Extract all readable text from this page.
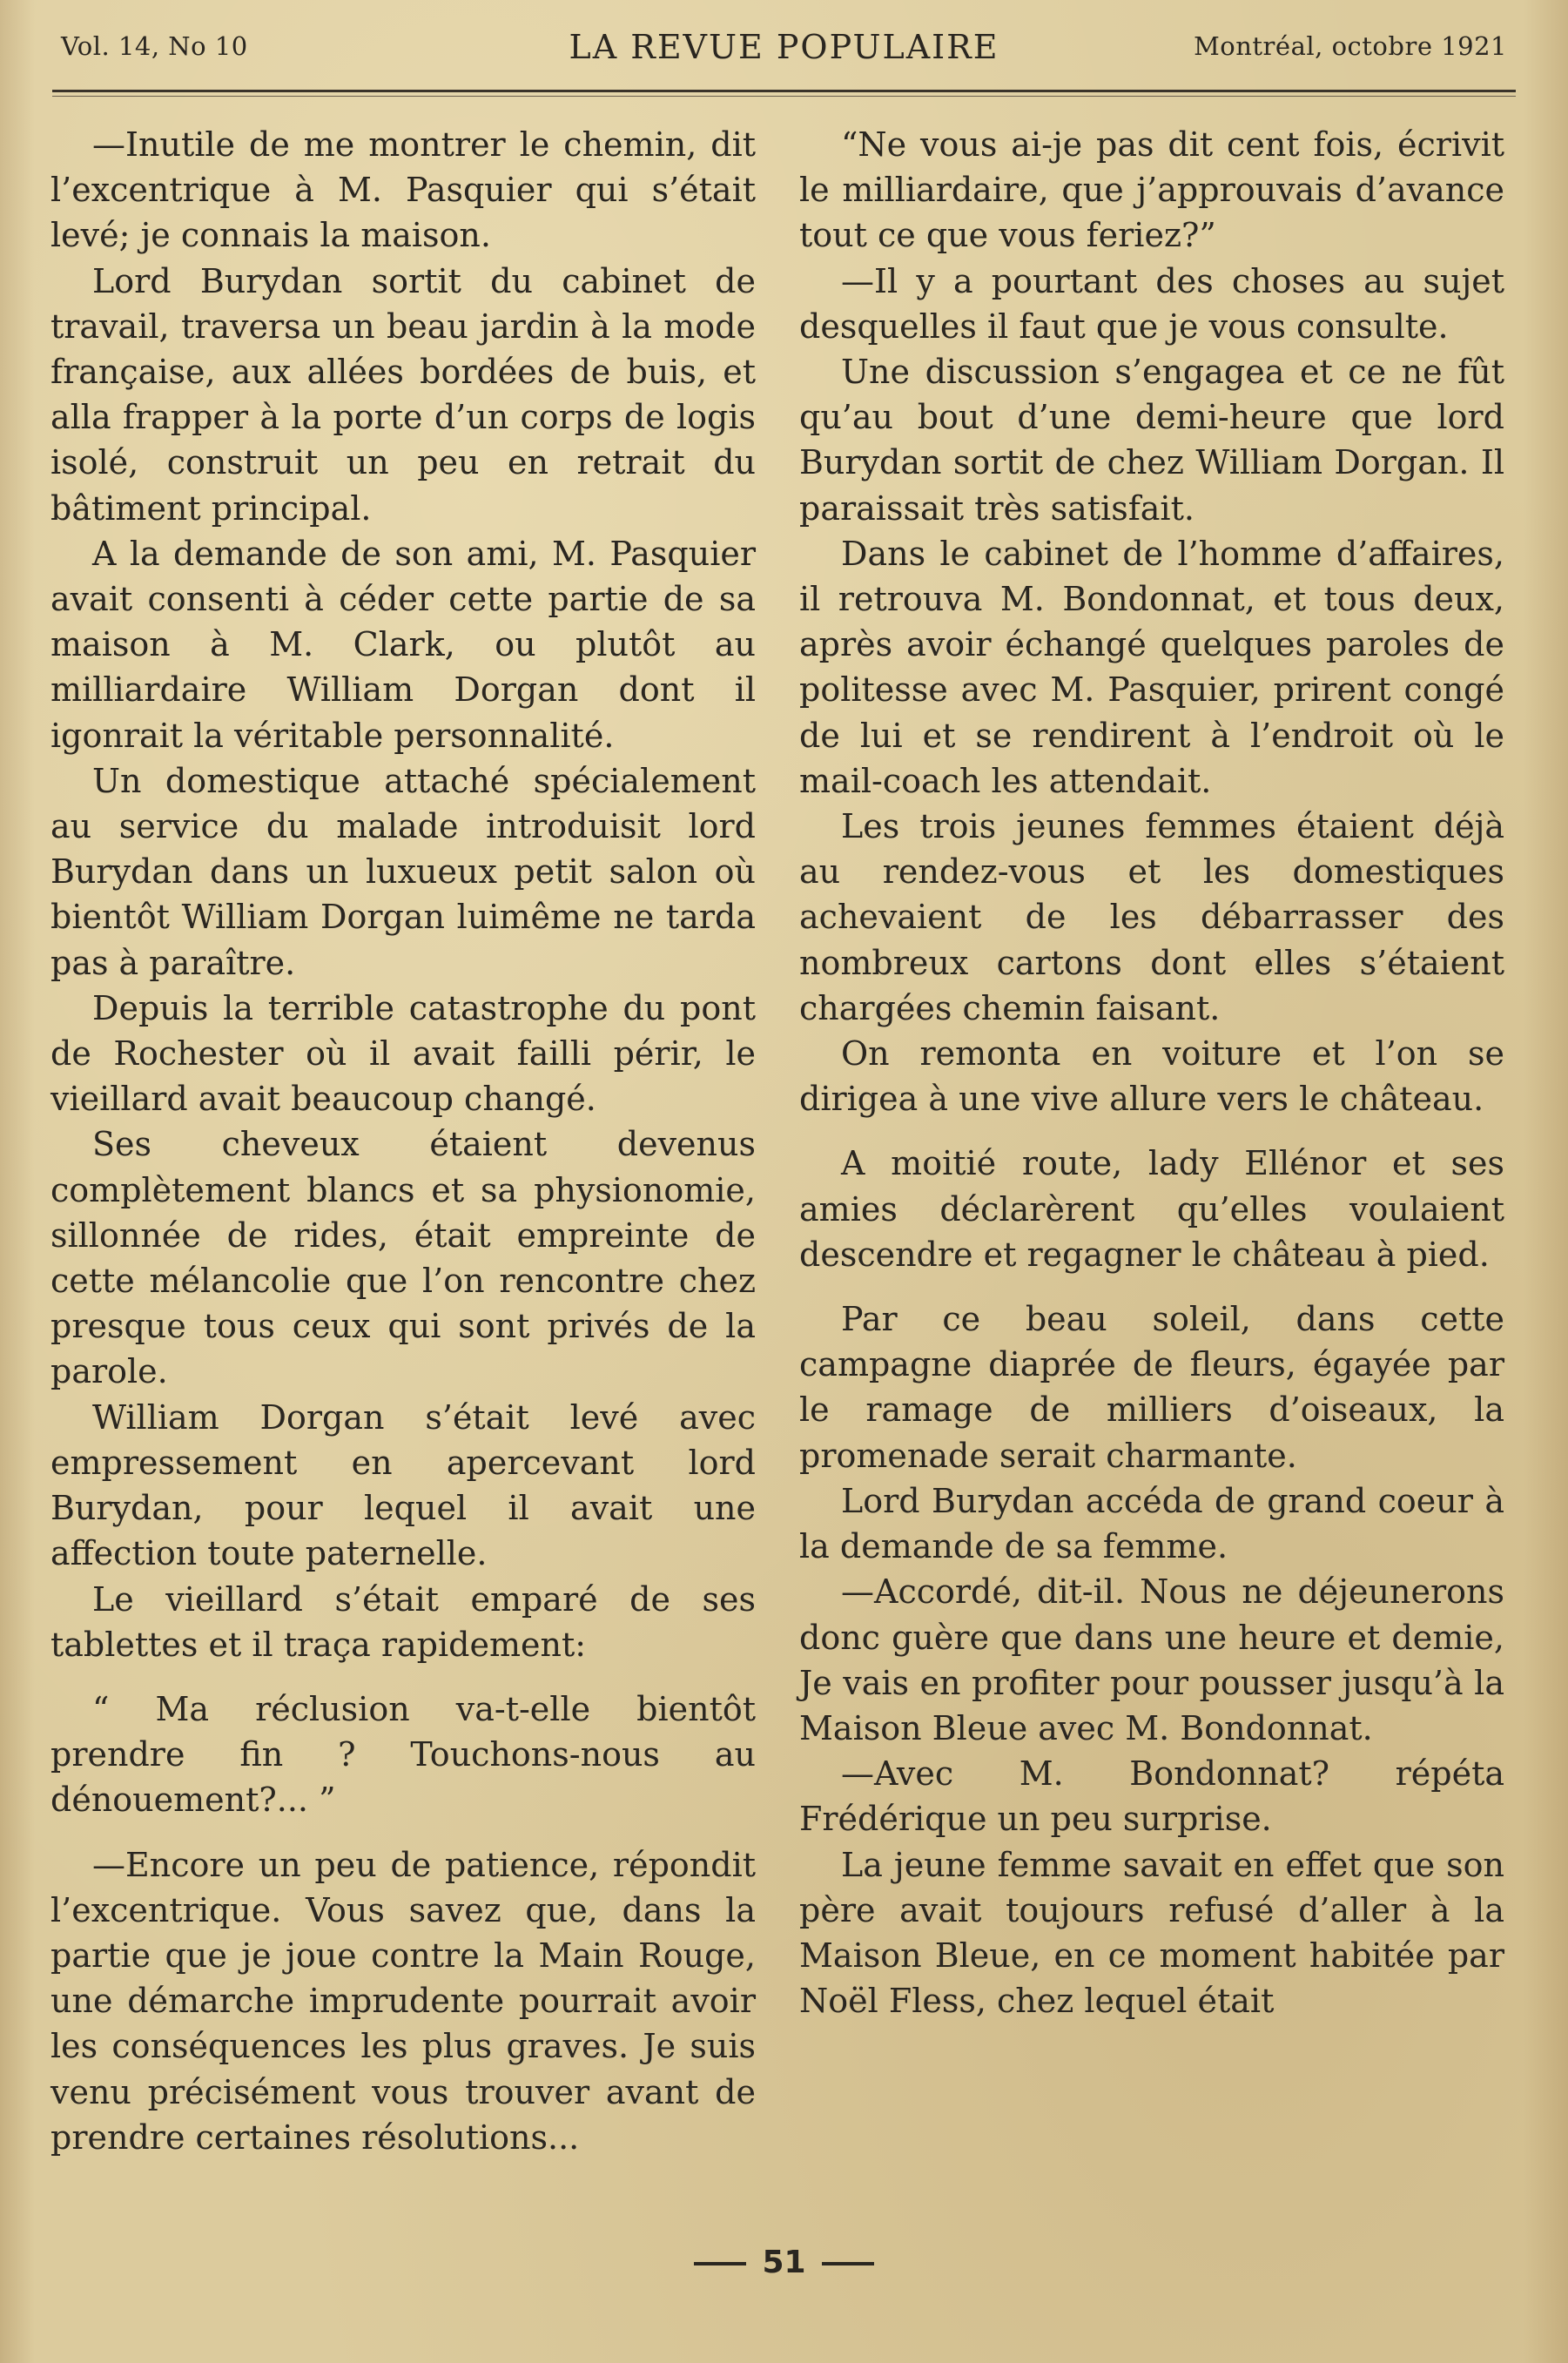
Vol. 14, No 10	LA REVUE POPULAIRE	Montréal, octobre 1921

—Inutile de me montrer le chemin, dit l’excentrique à M. Pasquier qui s’était levé; je connais la maison.

Lord Burydan sortit du cabinet de travail, traversa un beau jardin à la mode française, aux allées bordées de buis, et alla frapper à la porte d’un corps de logis isolé, construit un peu en retrait du bâtiment principal.

A la demande de son ami, M. Pasquier avait consenti à céder cette partie de sa maison à M. Clark, ou plutôt au milliardaire William Dorgan dont il igonrait la véritable personnalité.

Un domestique attaché spécialement au service du malade introduisit lord Burydan dans un luxueux petit salon où bientôt William Dorgan luimême ne tarda pas à paraître.

Depuis la terrible catastrophe du pont de Rochester où il avait failli périr, le vieillard avait beaucoup changé.

Ses cheveux étaient devenus complètement blancs et sa physionomie, sillonnée de rides, était empreinte de cette mélancolie que l’on rencontre chez presque tous ceux qui sont privés de la parole.

William Dorgan s’était levé avec empressement en apercevant lord Burydan, pour lequel il avait une affection toute paternelle.

Le vieillard s’était emparé de ses tablettes et il traça rapidement:

“ Ma réclusion va-t-elle bientôt prendre fin ? Touchons-nous au dénouement?... ”

—Encore un peu de patience, répondit l’excentrique. Vous savez que, dans la partie que je joue contre la Main Rouge, une démarche imprudente pourrait avoir les conséquences les plus graves. Je suis venu précisément vous trouver avant de prendre certaines résolutions...

“Ne vous ai-je pas dit cent fois, écrivit le milliardaire, que j’approuvais d’avance tout ce que vous feriez?”

—Il y a pourtant des choses au sujet desquelles il faut que je vous consulte.

Une discussion s’engagea et ce ne fût qu’au bout d’une demi-heure que lord Burydan sortit de chez William Dorgan. Il paraissait très satisfait.

Dans le cabinet de l’homme d’affaires, il retrouva M. Bondonnat, et tous deux, après avoir échangé quelques paroles de politesse avec M. Pasquier, prirent congé de lui et se rendirent à l’endroit où le mail-coach les attendait.

Les trois jeunes femmes étaient déjà au rendez-vous et les domestiques achevaient de les débarrasser des nombreux cartons dont elles s’étaient chargées chemin faisant.

On remonta en voiture et l’on se dirigea à une vive allure vers le château.

A moitié route, lady Ellénor et ses amies déclarèrent qu’elles voulaient descendre et regagner le château à pied.

Par ce beau soleil, dans cette campagne diaprée de fleurs, égayée par le ramage de milliers d’oiseaux, la promenade serait charmante.

Lord Burydan accéda de grand coeur à la demande de sa femme.

—Accordé, dit-il. Nous ne déjeunerons donc guère que dans une heure et demie, Je vais en profiter pour pousser jusqu’à la Maison Bleue avec M. Bondonnat.

—Avec M. Bondonnat? répéta Frédérique un peu surprise.

La jeune femme savait en effet que son père avait toujours refusé d’aller à la Maison Bleue, en ce moment habitée par Noël Fless, chez lequel était

51
